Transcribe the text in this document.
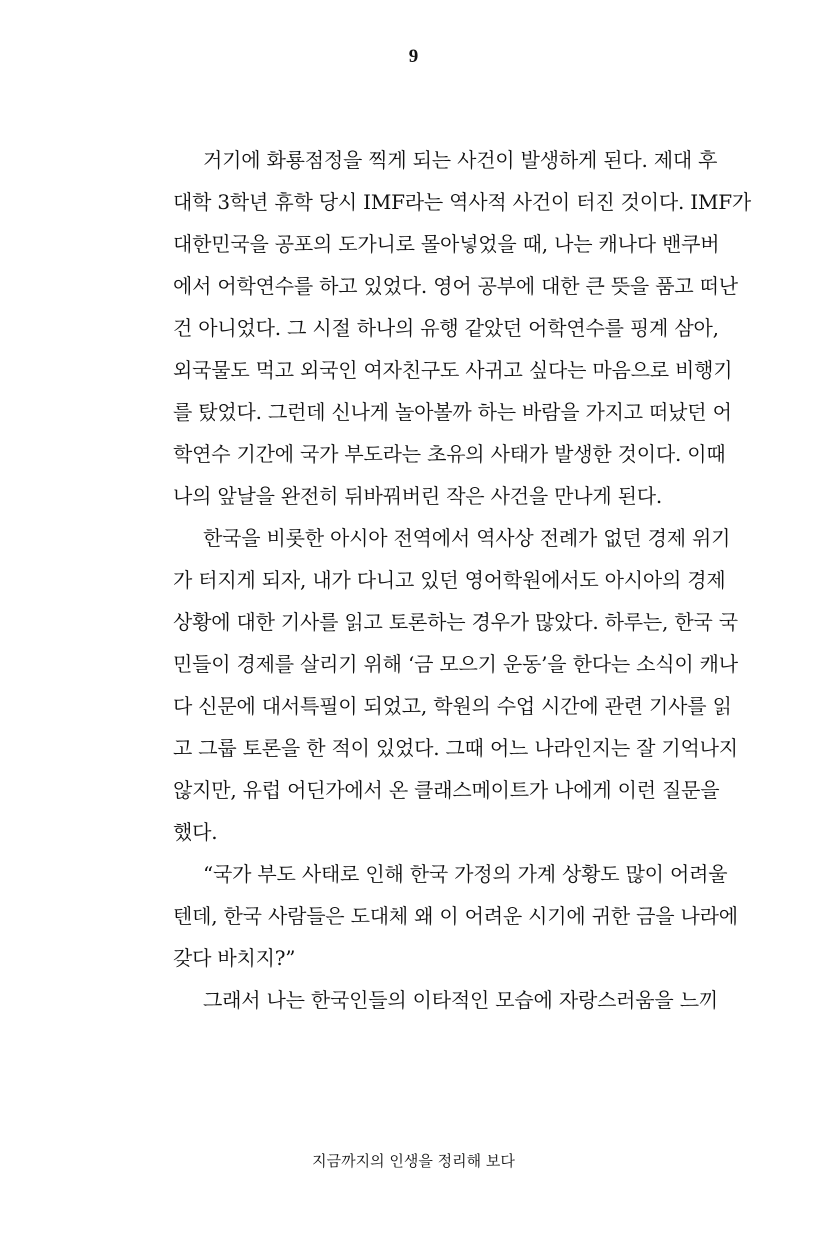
9
거기에 화룡점정을 찍게 되는 사건이 발생하게 된다. 제대 후
대학 3학년 휴학 당시 IMF라는 역사적 사건이 터진 것이다. IMF가
대한민국을 공포의 도가니로 몰아넣었을 때, 나는 캐나다 밴쿠버
에서 어학연수를 하고 있었다. 영어 공부에 대한 큰 뜻을 품고 떠난
건 아니었다. 그 시절 하나의 유행 같았던 어학연수를 핑계 삼아,
외국물도 먹고 외국인 여자친구도 사귀고 싶다는 마음으로 비행기
를 탔었다. 그런데 신나게 놀아볼까 하는 바람을 가지고 떠났던 어
학연수 기간에 국가 부도라는 초유의 사태가 발생한 것이다. 이때
나의 앞날을 완전히 뒤바꿔버린 작은 사건을 만나게 된다.
한국을 비롯한 아시아 전역에서 역사상 전례가 없던 경제 위기
가 터지게 되자, 내가 다니고 있던 영어학원에서도 아시아의 경제
상황에 대한 기사를 읽고 토론하는 경우가 많았다. 하루는, 한국 국
민들이 경제를 살리기 위해 ‘금 모으기 운동’을 한다는 소식이 캐나
다 신문에 대서특필이 되었고, 학원의 수업 시간에 관련 기사를 읽
고 그룹 토론을 한 적이 있었다. 그때 어느 나라인지는 잘 기억나지
않지만, 유럽 어딘가에서 온 클래스메이트가 나에게 이런 질문을
했다.
“국가 부도 사태로 인해 한국 가정의 가계 상황도 많이 어려울
텐데, 한국 사람들은 도대체 왜 이 어려운 시기에 귀한 금을 나라에
갖다 바치지?”
그래서 나는 한국인들의 이타적인 모습에 자랑스러움을 느끼
지금까지의 인생을 정리해 보다
